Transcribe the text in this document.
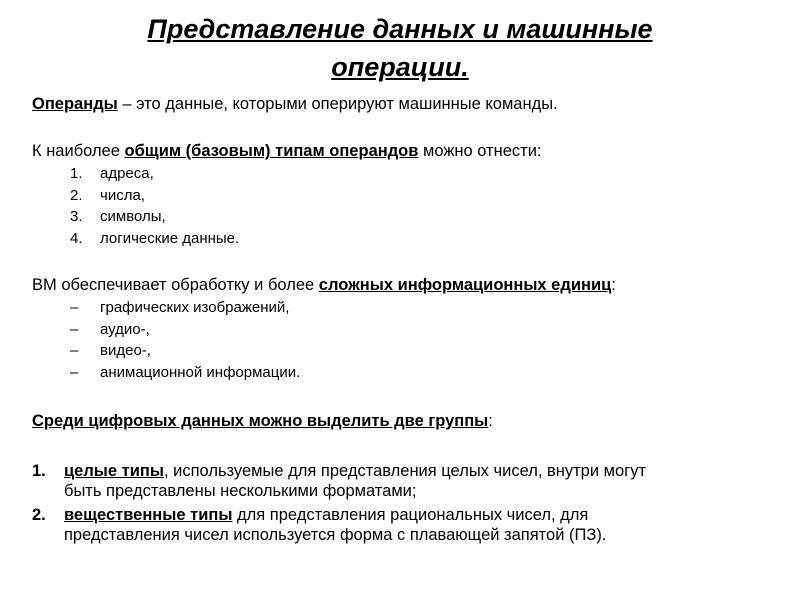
Представление данных и машинные
операции.
Операнды – это данные, которыми оперируют машинные команды.
К наиболее общим (базовым) типам операндов можно отнести:
1.	адреса,
2.	числа,
3.	символы,
4.	логические данные.
ВМ обеспечивает обработку и более сложных информационных единиц:
–	графических изображений,
–	аудио-,
–	видео-,
–	анимационной информации.
Среди цифровых данных можно выделить две группы:
1.	целые типы, используемые для представления целых чисел, внутри могут
быть представлены несколькими форматами;
2.	вещественные типы для представления рациональных чисел, для
представления чисел используется форма с плавающей запятой (ПЗ).
